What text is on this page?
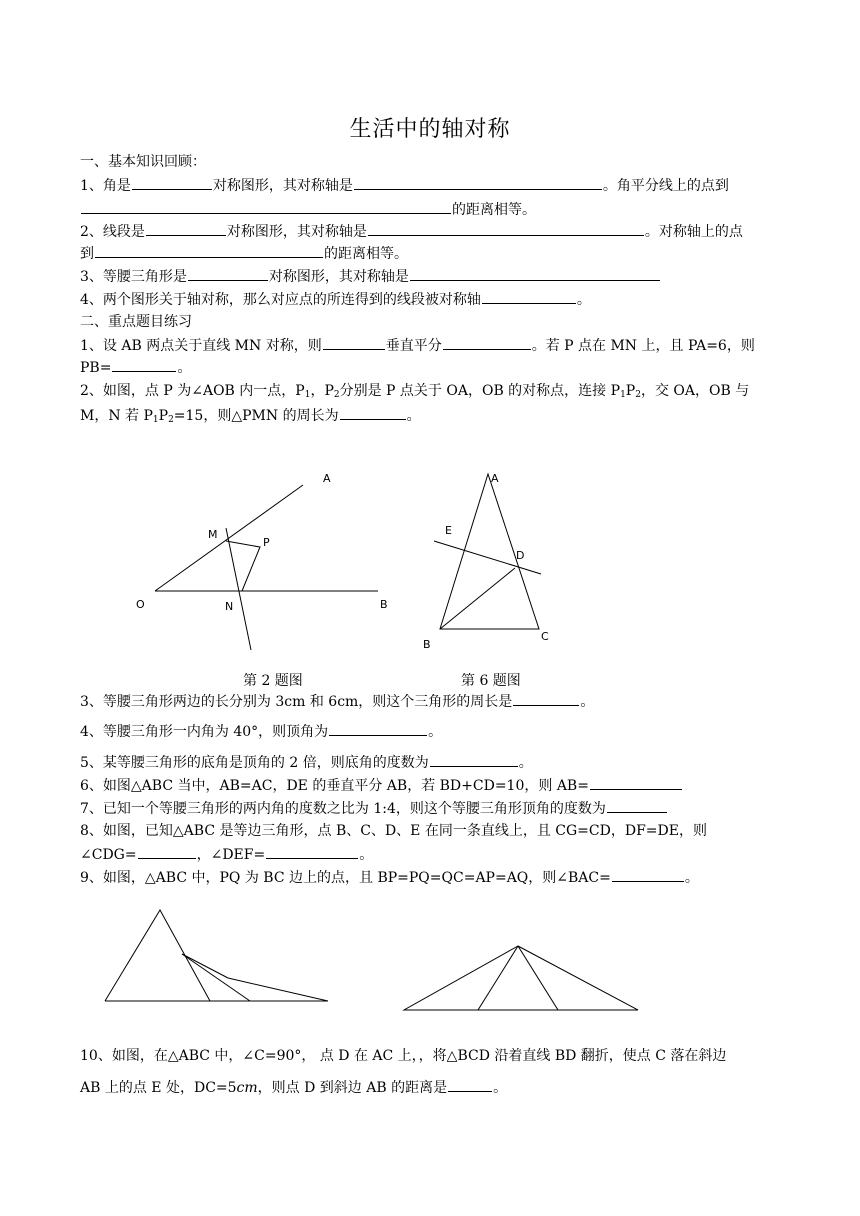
生活中的轴对称
一、基本知识回顾：
1、角是	对称图形，其对称轴是	。角平分线上的点到
的距离相等。
2、线段是	对称图形，其对称轴是	。对称轴上的点
到	的距离相等。
3、等腰三角形是	对称图形，其对称轴是
4、两个图形关于轴对称，那么对应点的所连得到的线段被对称轴	。
二、重点题目练习
1、设 AB 两点关于直线 MN 对称，则	垂直平分	。若 P 点在 MN 上，且 PA=6，则
PB=	。
2、如图，点 P 为∠AOB 内一点，$P_1$，$P_2$分别是 P 点关于 OA，OB 的对称点，连接 $P_1P_2$，交 OA，OB 与
M，N 若 $P_1P_2=15$，则△PMN 的周长为	。
A
M
P
O	N	B
A
E
D
B
C
第 2 题图	第 6 题图
3、等腰三角形两边的长分别为 3cm 和 6cm，则这个三角形的周长是	。
4、等腰三角形一内角为 40°，则顶角为	。
5、某等腰三角形的底角是顶角的 2 倍，则底角的度数为	。
6、如图△ABC 当中，AB=AC，DE 的垂直平分 AB，若 BD+CD=10，则 AB=
7、已知一个等腰三角形的两内角的度数之比为 1:4，则这个等腰三角形顶角的度数为
8、如图，已知△ABC 是等边三角形，点 B、C、D、E 在同一条直线上，且 CG=CD，DF=DE，则
∠CDG=	，∠DEF=	。
9、如图，△ABC 中，PQ 为 BC 边上的点，且 BP=PQ=QC=AP=AQ，则∠BAC=	。
10、如图，在△ABC 中，∠C=90°， 点 D 在 AC 上，，将△BCD 沿着直线 BD 翻折，使点 C 落在斜边
AB 上的点 E 处，DC=5cm，则点 D 到斜边 AB 的距离是	。
